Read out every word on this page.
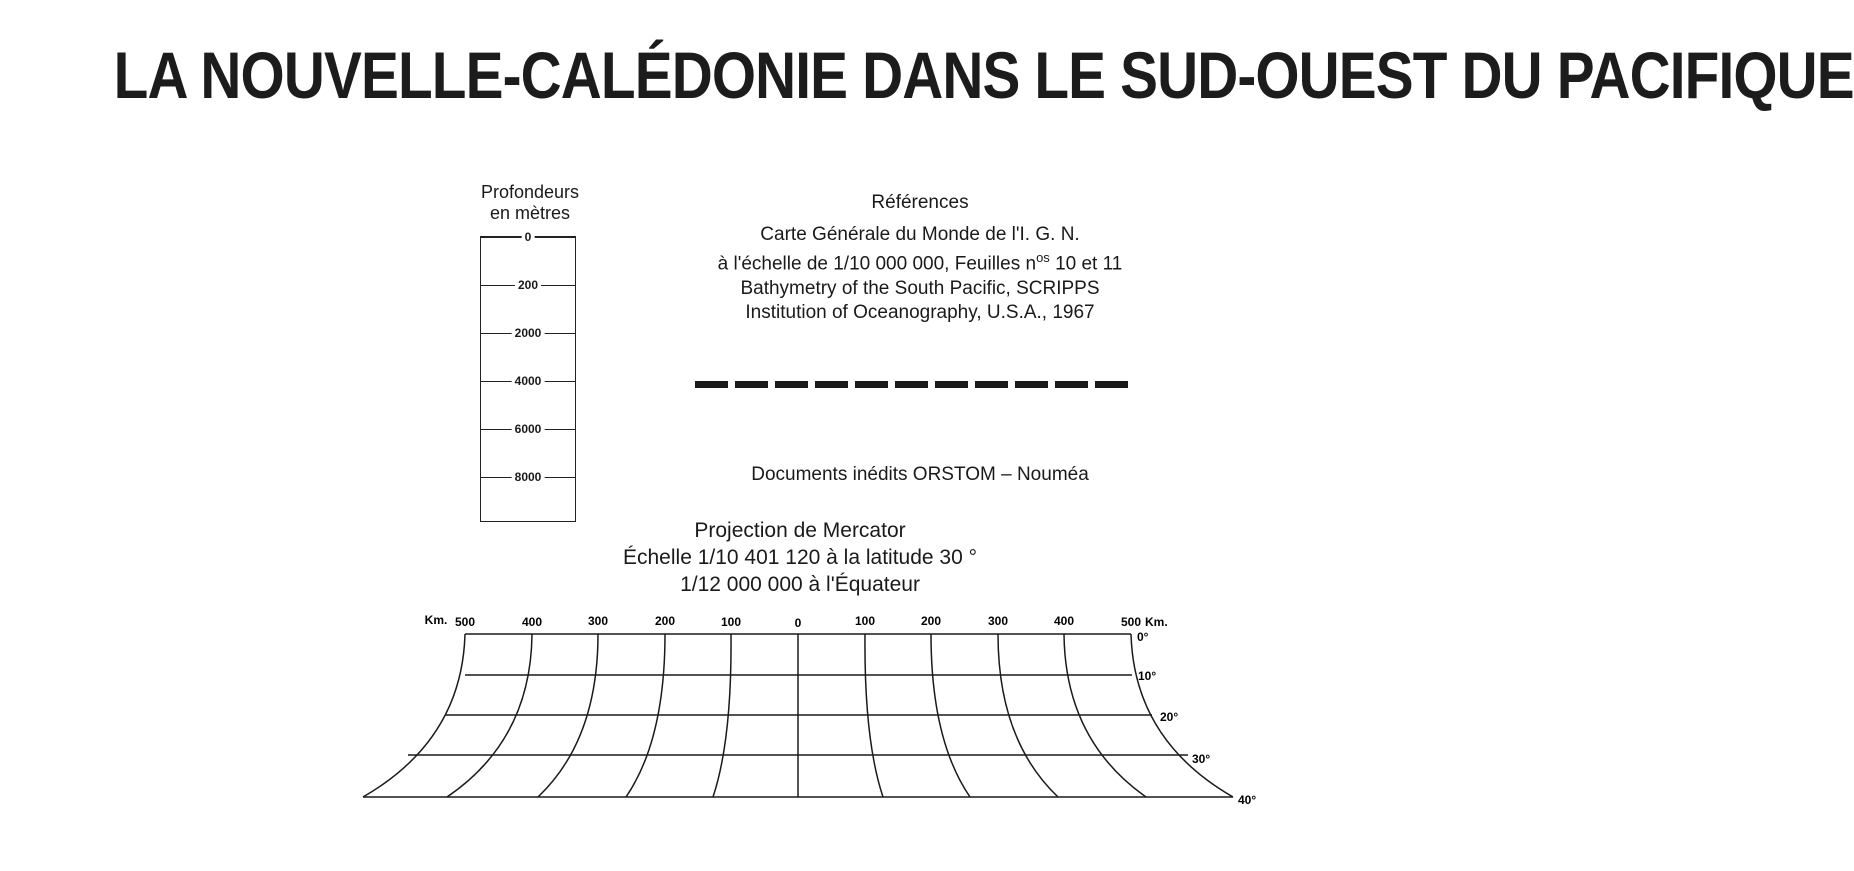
LA NOUVELLE-CALÉDONIE DANS LE SUD-OUEST DU PACIFIQUE
Profondeurs
en mètres
0
200
2000
4000
6000
8000
Références
Carte Générale du Monde de l'I. G. N.
à l'échelle de 1/10 000 000, Feuilles $n^{os}$ 10 et 11
Bathymetry of the South Pacific, SCRIPPS
Institution of Oceanography, U.S.A., 1967
Documents inédits ORSTOM – Nouméa
Projection de Mercator
Échelle 1/10 401 120 à la latitude 30 °
1/12 000 000 à l'Équateur
Km. 500	400	300	200	100	0	100	200	300	400	500 Km.
0°
10°
20°
30°
40°
